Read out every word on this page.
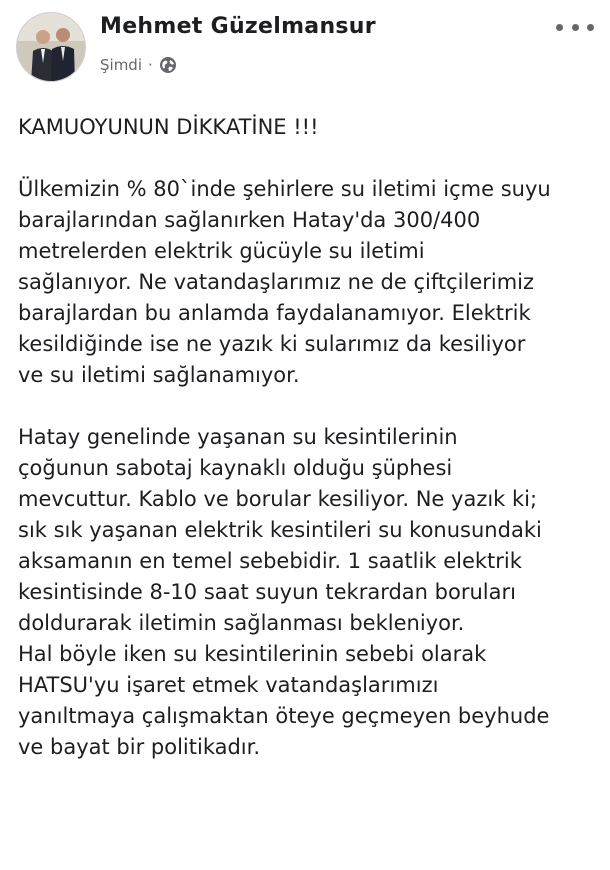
Mehmet Güzelmansur
Şimdi ·

KAMUOYUNUN DİKKATİNE !!!

Ülkemizin % 80`inde şehirlere su iletimi içme suyu
barajlarından sağlanırken Hatay'da 300/400
metrelerden elektrik gücüyle su iletimi
sağlanıyor. Ne vatandaşlarımız ne de çiftçilerimiz
barajlardan bu anlamda faydalanamıyor. Elektrik
kesildiğinde ise ne yazık ki sularımız da kesiliyor
ve su iletimi sağlanamıyor.

Hatay genelinde yaşanan su kesintilerinin
çoğunun sabotaj kaynaklı olduğu şüphesi
mevcuttur. Kablo ve borular kesiliyor. Ne yazık ki;
sık sık yaşanan elektrik kesintileri su konusundaki
aksamanın en temel sebebidir. 1 saatlik elektrik
kesintisinde 8-10 saat suyun tekrardan boruları
doldurarak iletimin sağlanması bekleniyor.
Hal böyle iken su kesintilerinin sebebi olarak
HATSU'yu işaret etmek vatandaşlarımızı
yanıltmaya çalışmaktan öteye geçmeyen beyhude
ve bayat bir politikadır.
